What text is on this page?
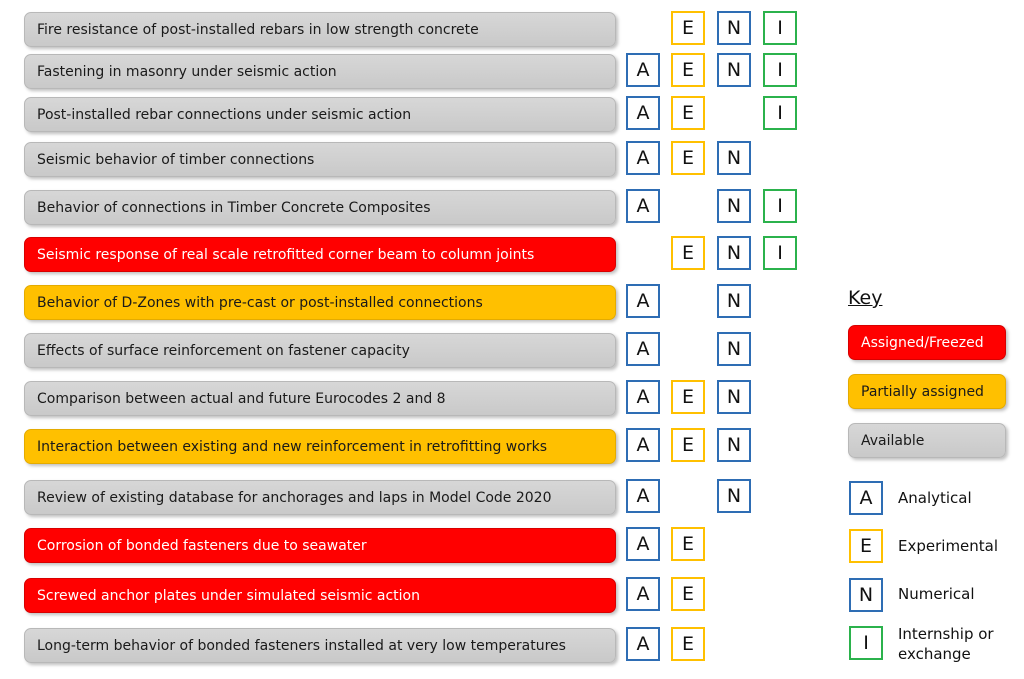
Fire resistance of post-installed rebars in low strength concrete	E	N	I
Fastening in masonry under seismic action	A	E	N	I
Post-installed rebar connections under seismic action	A	E	I
Seismic behavior of timber connections	A	E	N
Behavior of connections in Timber Concrete Composites	A	N	I
Seismic response of real scale retrofitted corner beam to column joints	E	N	I
Behavior of D-Zones with pre-cast or post-installed connections	A	N
Effects of surface reinforcement on fastener capacity	A	N
Comparison between actual and future Eurocodes 2 and 8	A	E	N
Interaction between existing and new reinforcement in retrofitting works	A	E	N
Review of existing database for anchorages and laps in Model Code 2020	A	N
Corrosion of bonded fasteners due to seawater	A	E
Screwed anchor plates under simulated seismic action	A	E
Long-term behavior of bonded fasteners installed at very low temperatures	A	E
Key
Assigned/Freezed
Partially assigned
Available
A	Analytical
E	Experimental
N	Numerical
I	Internship or exchange
